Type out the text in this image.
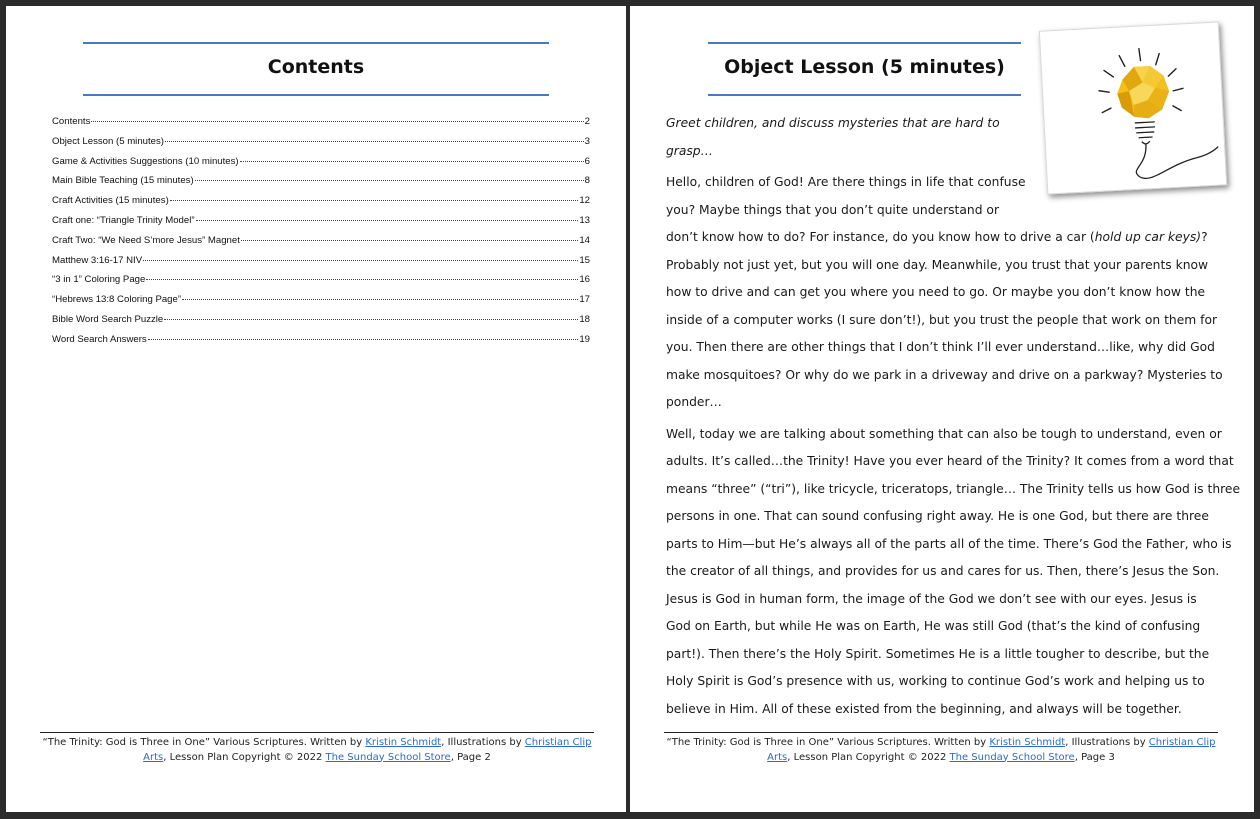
Contents
Contents	2
Object Lesson (5 minutes)	3
Game & Activities Suggestions (10 minutes)	6
Main Bible Teaching (15 minutes)	8
Craft Activities (15 minutes)	12
Craft one: “Triangle Trinity Model”	13
Craft Two: “We Need S’more Jesus” Magnet	14
Matthew 3:16-17 NIV	15
“3 in 1” Coloring Page	16
“Hebrews 13:8 Coloring Page”	17
Bible Word Search Puzzle	18
Word Search Answers	19
“The Trinity: God is Three in One” Various Scriptures. Written by Kristin Schmidt, Illustrations by Christian Clip
Arts, Lesson Plan Copyright © 2022 The Sunday School Store, Page 2
Object Lesson (5 minutes)
Greet children, and discuss mysteries that are hard to
grasp…
Hello, children of God! Are there things in life that confuse
you? Maybe things that you don’t quite understand or
don’t know how to do? For instance, do you know how to drive a car (hold up car keys)?
Probably not just yet, but you will one day. Meanwhile, you trust that your parents know
how to drive and can get you where you need to go. Or maybe you don’t know how the
inside of a computer works (I sure don’t!), but you trust the people that work on them for
you. Then there are other things that I don’t think I’ll ever understand…like, why did God
make mosquitoes? Or why do we park in a driveway and drive on a parkway? Mysteries to
ponder…
Well, today we are talking about something that can also be tough to understand, even or
adults. It’s called…the Trinity! Have you ever heard of the Trinity? It comes from a word that
means “three” (“tri”), like tricycle, triceratops, triangle… The Trinity tells us how God is three
persons in one. That can sound confusing right away. He is one God, but there are three
parts to Him—but He’s always all of the parts all of the time. There’s God the Father, who is
the creator of all things, and provides for us and cares for us. Then, there’s Jesus the Son.
Jesus is God in human form, the image of the God we don’t see with our eyes. Jesus is
God on Earth, but while He was on Earth, He was still God (that’s the kind of confusing
part!). Then there’s the Holy Spirit. Sometimes He is a little tougher to describe, but the
Holy Spirit is God’s presence with us, working to continue God’s work and helping us to
believe in Him. All of these existed from the beginning, and always will be together.
“The Trinity: God is Three in One” Various Scriptures. Written by Kristin Schmidt, Illustrations by Christian Clip
Arts, Lesson Plan Copyright © 2022 The Sunday School Store, Page 3
